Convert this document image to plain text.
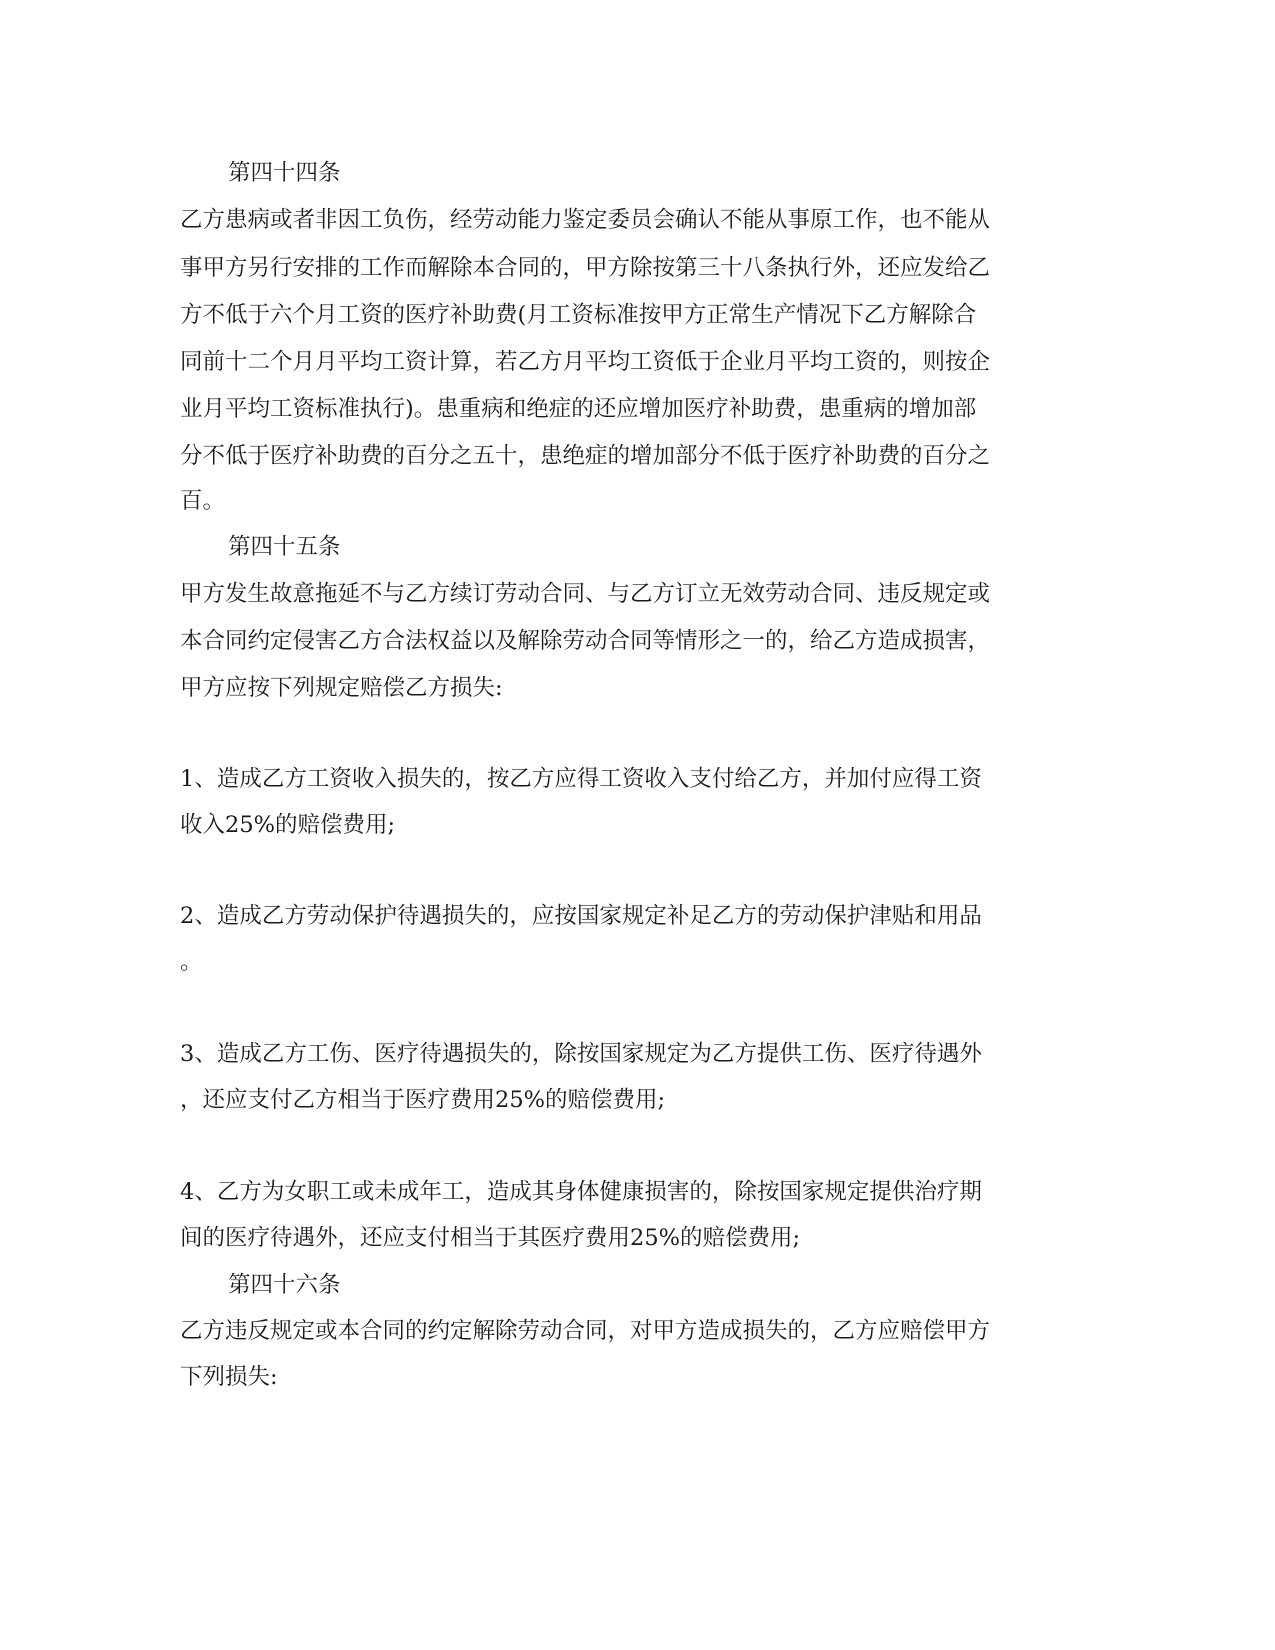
第四十四条
乙方患病或者非因工负伤，经劳动能力鉴定委员会确认不能从事原工作，也不能从
事甲方另行安排的工作而解除本合同的，甲方除按第三十八条执行外，还应发给乙
方不低于六个月工资的医疗补助费(月工资标准按甲方正常生产情况下乙方解除合
同前十二个月月平均工资计算，若乙方月平均工资低于企业月平均工资的，则按企
业月平均工资标准执行)。患重病和绝症的还应增加医疗补助费，患重病的增加部
分不低于医疗补助费的百分之五十，患绝症的增加部分不低于医疗补助费的百分之
百。
第四十五条
甲方发生故意拖延不与乙方续订劳动合同、与乙方订立无效劳动合同、违反规定或
本合同约定侵害乙方合法权益以及解除劳动合同等情形之一的，给乙方造成损害，
甲方应按下列规定赔偿乙方损失:
1、造成乙方工资收入损失的，按乙方应得工资收入支付给乙方，并加付应得工资
收入25%的赔偿费用;
2、造成乙方劳动保护待遇损失的，应按国家规定补足乙方的劳动保护津贴和用品
。
3、造成乙方工伤、医疗待遇损失的，除按国家规定为乙方提供工伤、医疗待遇外
，还应支付乙方相当于医疗费用25%的赔偿费用;
4、乙方为女职工或未成年工，造成其身体健康损害的，除按国家规定提供治疗期
间的医疗待遇外，还应支付相当于其医疗费用25%的赔偿费用;
第四十六条
乙方违反规定或本合同的约定解除劳动合同，对甲方造成损失的，乙方应赔偿甲方
下列损失:
